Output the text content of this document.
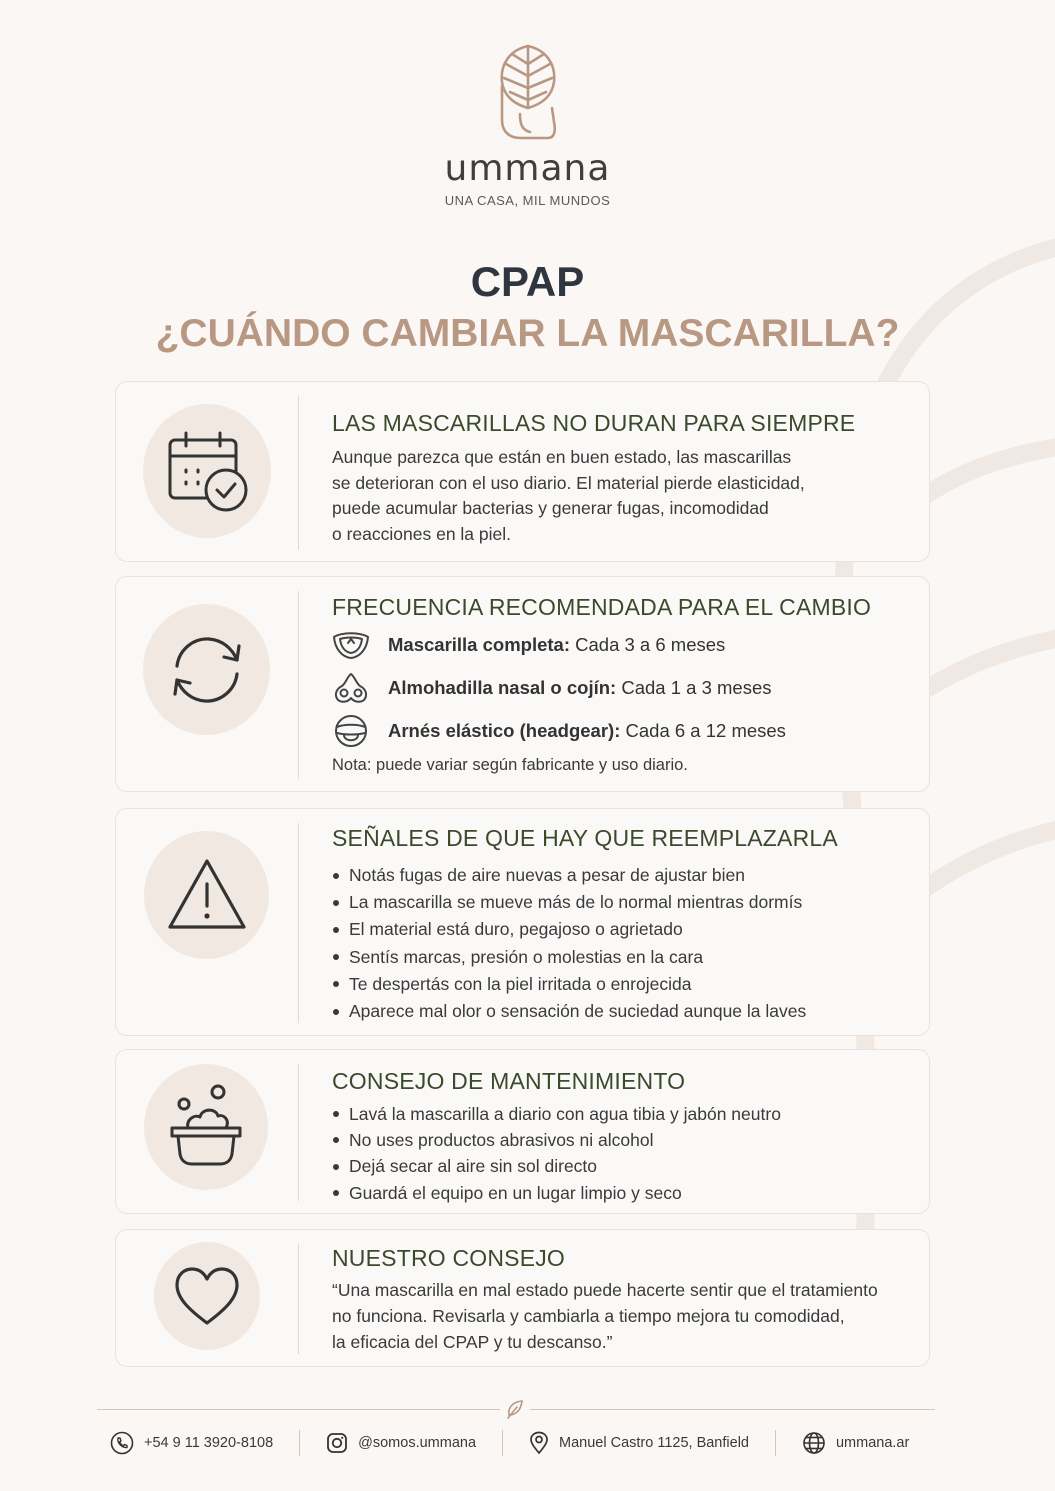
ummana
UNA CASA, MIL MUNDOS
CPAP
¿CUÁNDO CAMBIAR LA MASCARILLA?
LAS MASCARILLAS NO DURAN PARA SIEMPRE
Aunque parezca que están en buen estado, las mascarillas
se deterioran con el uso diario. El material pierde elasticidad,
puede acumular bacterias y generar fugas, incomodidad
o reacciones en la piel.
FRECUENCIA RECOMENDADA PARA EL CAMBIO
Mascarilla completa: Cada 3 a 6 meses
Almohadilla nasal o cojín: Cada 1 a 3 meses
Arnés elástico (headgear): Cada 6 a 12 meses
Nota: puede variar según fabricante y uso diario.
SEÑALES DE QUE HAY QUE REEMPLAZARLA
Notás fugas de aire nuevas a pesar de ajustar bien
La mascarilla se mueve más de lo normal mientras dormís
El material está duro, pegajoso o agrietado
Sentís marcas, presión o molestias en la cara
Te despertás con la piel irritada o enrojecida
Aparece mal olor o sensación de suciedad aunque la laves
CONSEJO DE MANTENIMIENTO
Lavá la mascarilla a diario con agua tibia y jabón neutro
No uses productos abrasivos ni alcohol
Dejá secar al aire sin sol directo
Guardá el equipo en un lugar limpio y seco
NUESTRO CONSEJO
“Una mascarilla en mal estado puede hacerte sentir que el tratamiento
no funciona. Revisarla y cambiarla a tiempo mejora tu comodidad,
la eficacia del CPAP y tu descanso.”
+54 9 11 3920-8108	@somos.ummana	Manuel Castro 1125, Banfield	ummana.ar
